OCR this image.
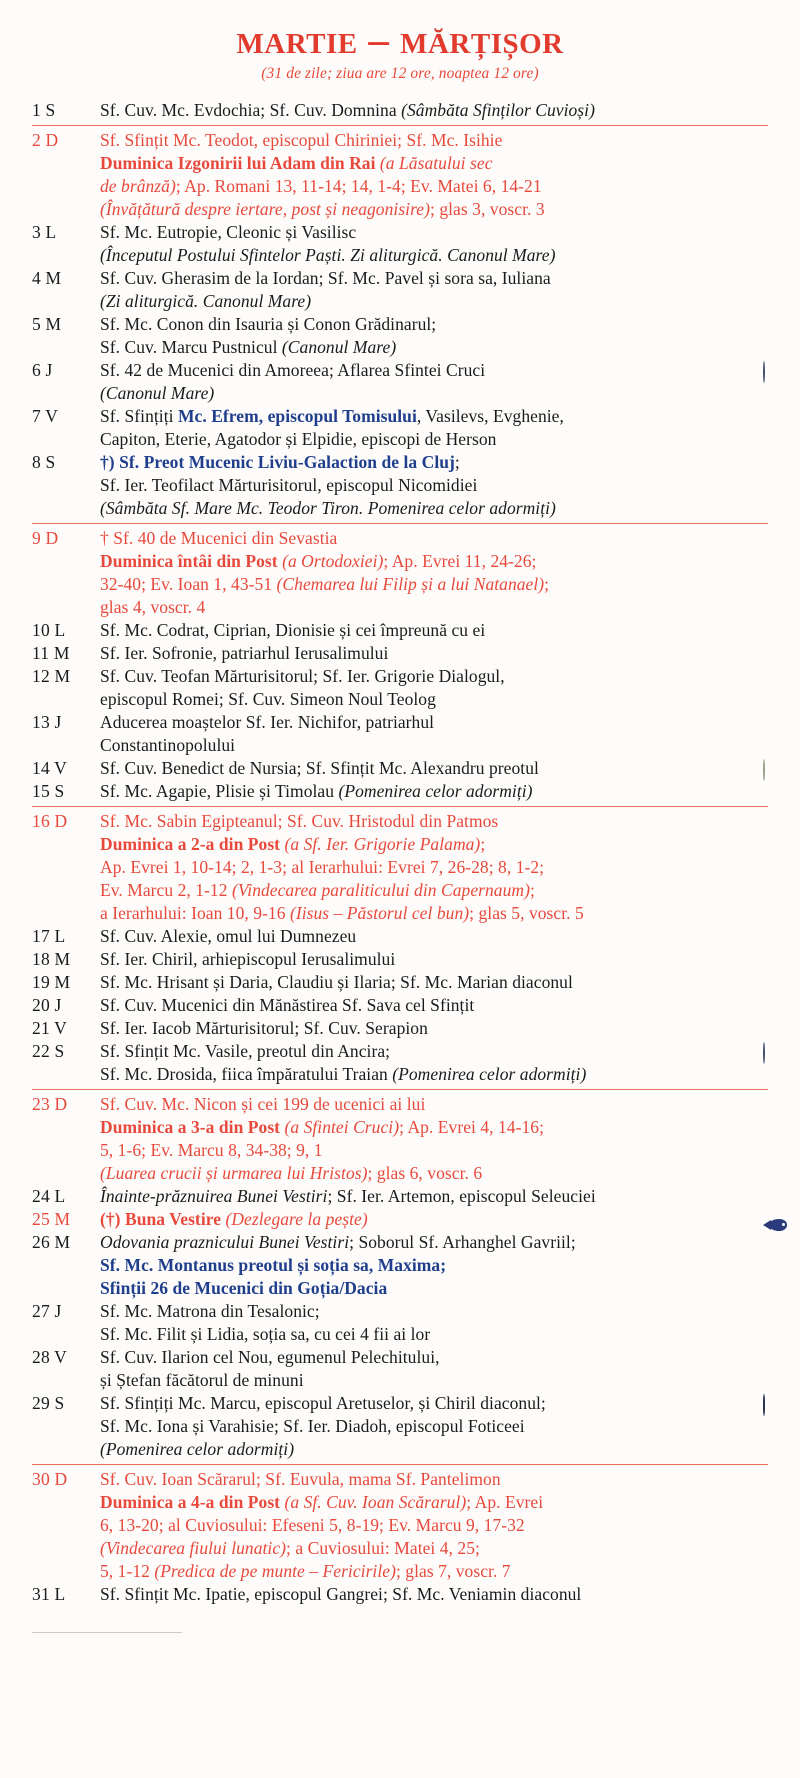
martie – mărțișor
(31 de zile; ziua are 12 ore, noaptea 12 ore)
1 S	Sf. Cuv. Mc. Evdochia; Sf. Cuv. Domnina (Sâmbăta Sfinților Cuvioși)
2 D	Sf. Sfințit Mc. Teodot, episcopul Chiriniei; Sf. Mc. Isihie
Duminica Izgonirii lui Adam din Rai (a Lăsatului sec
de brânză); Ap. Romani 13, 11-14; 14, 1-4; Ev. Matei 6, 14-21
(Învățătură despre iertare, post și neagonisire); glas 3, voscr. 3
3 L	Sf. Mc. Eutropie, Cleonic și Vasilisc
(Începutul Postului Sfintelor Paști. Zi aliturgică. Canonul Mare)
4 M	Sf. Cuv. Gherasim de la Iordan; Sf. Mc. Pavel și sora sa, Iuliana
(Zi aliturgică. Canonul Mare)
5 M	Sf. Mc. Conon din Isauria și Conon Grădinarul;
Sf. Cuv. Marcu Pustnicul (Canonul Mare)
6 J	Sf. 42 de Mucenici din Amoreea; Aflarea Sfintei Cruci
(Canonul Mare)
7 V	Sf. Sfințiți Mc. Efrem, episcopul Tomisului, Vasilevs, Evghenie,
Capiton, Eterie, Agatodor și Elpidie, episcopi de Herson
8 S	†) Sf. Preot Mucenic Liviu-Galaction de la Cluj;
Sf. Ier. Teofilact Mărturisitorul, episcopul Nicomidiei
(Sâmbăta Sf. Mare Mc. Teodor Tiron. Pomenirea celor adormiți)
9 D	† Sf. 40 de Mucenici din Sevastia
Duminica întâi din Post (a Ortodoxiei); Ap. Evrei 11, 24-26;
32-40; Ev. Ioan 1, 43-51 (Chemarea lui Filip și a lui Natanael);
glas 4, voscr. 4
10 L	Sf. Mc. Codrat, Ciprian, Dionisie și cei împreună cu ei
11 M	Sf. Ier. Sofronie, patriarhul Ierusalimului
12 M	Sf. Cuv. Teofan Mărturisitorul; Sf. Ier. Grigorie Dialogul,
episcopul Romei; Sf. Cuv. Simeon Noul Teolog
13 J	Aducerea moaștelor Sf. Ier. Nichifor, patriarhul
Constantinopolului
14 V	Sf. Cuv. Benedict de Nursia; Sf. Sfințit Mc. Alexandru preotul
15 S	Sf. Mc. Agapie, Plisie și Timolau (Pomenirea celor adormiți)
16 D	Sf. Mc. Sabin Egipteanul; Sf. Cuv. Hristodul din Patmos
Duminica a 2-a din Post (a Sf. Ier. Grigorie Palama);
Ap. Evrei 1, 10-14; 2, 1-3; al Ierarhului: Evrei 7, 26-28; 8, 1-2;
Ev. Marcu 2, 1-12 (Vindecarea paraliticului din Capernaum);
a Ierarhului: Ioan 10, 9-16 (Iisus – Păstorul cel bun); glas 5, voscr. 5
17 L	Sf. Cuv. Alexie, omul lui Dumnezeu
18 M	Sf. Ier. Chiril, arhiepiscopul Ierusalimului
19 M	Sf. Mc. Hrisant și Daria, Claudiu și Ilaria; Sf. Mc. Marian diaconul
20 J	Sf. Cuv. Mucenici din Mănăstirea Sf. Sava cel Sfințit
21 V	Sf. Ier. Iacob Mărturisitorul; Sf. Cuv. Serapion
22 S	Sf. Sfințit Mc. Vasile, preotul din Ancira;
Sf. Mc. Drosida, fiica împăratului Traian (Pomenirea celor adormiți)
23 D	Sf. Cuv. Mc. Nicon și cei 199 de ucenici ai lui
Duminica a 3-a din Post (a Sfintei Cruci); Ap. Evrei 4, 14-16;
5, 1-6; Ev. Marcu 8, 34-38; 9, 1
(Luarea crucii și urmarea lui Hristos); glas 6, voscr. 6
24 L	Înainte-prăznuirea Bunei Vestiri; Sf. Ier. Artemon, episcopul Seleuciei
25 M	(†) Buna Vestire (Dezlegare la pește)
26 M	Odovania praznicului Bunei Vestiri; Soborul Sf. Arhanghel Gavriil;
Sf. Mc. Montanus preotul și soția sa, Maxima;
Sfinții 26 de Mucenici din Goția/Dacia
27 J	Sf. Mc. Matrona din Tesalonic;
Sf. Mc. Filit și Lidia, soția sa, cu cei 4 fii ai lor
28 V	Sf. Cuv. Ilarion cel Nou, egumenul Pelechitului,
și Ștefan făcătorul de minuni
29 S	Sf. Sfințiți Mc. Marcu, episcopul Aretuselor, și Chiril diaconul;
Sf. Mc. Iona și Varahisie; Sf. Ier. Diadoh, episcopul Foticeei
(Pomenirea celor adormiți)
30 D	Sf. Cuv. Ioan Scărarul; Sf. Euvula, mama Sf. Pantelimon
Duminica a 4-a din Post (a Sf. Cuv. Ioan Scărarul); Ap. Evrei
6, 13-20; al Cuviosului: Efeseni 5, 8-19; Ev. Marcu 9, 17-32
(Vindecarea fiului lunatic); a Cuviosului: Matei 4, 25;
5, 1-12 (Predica de pe munte – Fericirile); glas 7, voscr. 7
31 L	Sf. Sfințit Mc. Ipatie, episcopul Gangrei; Sf. Mc. Veniamin diaconul
